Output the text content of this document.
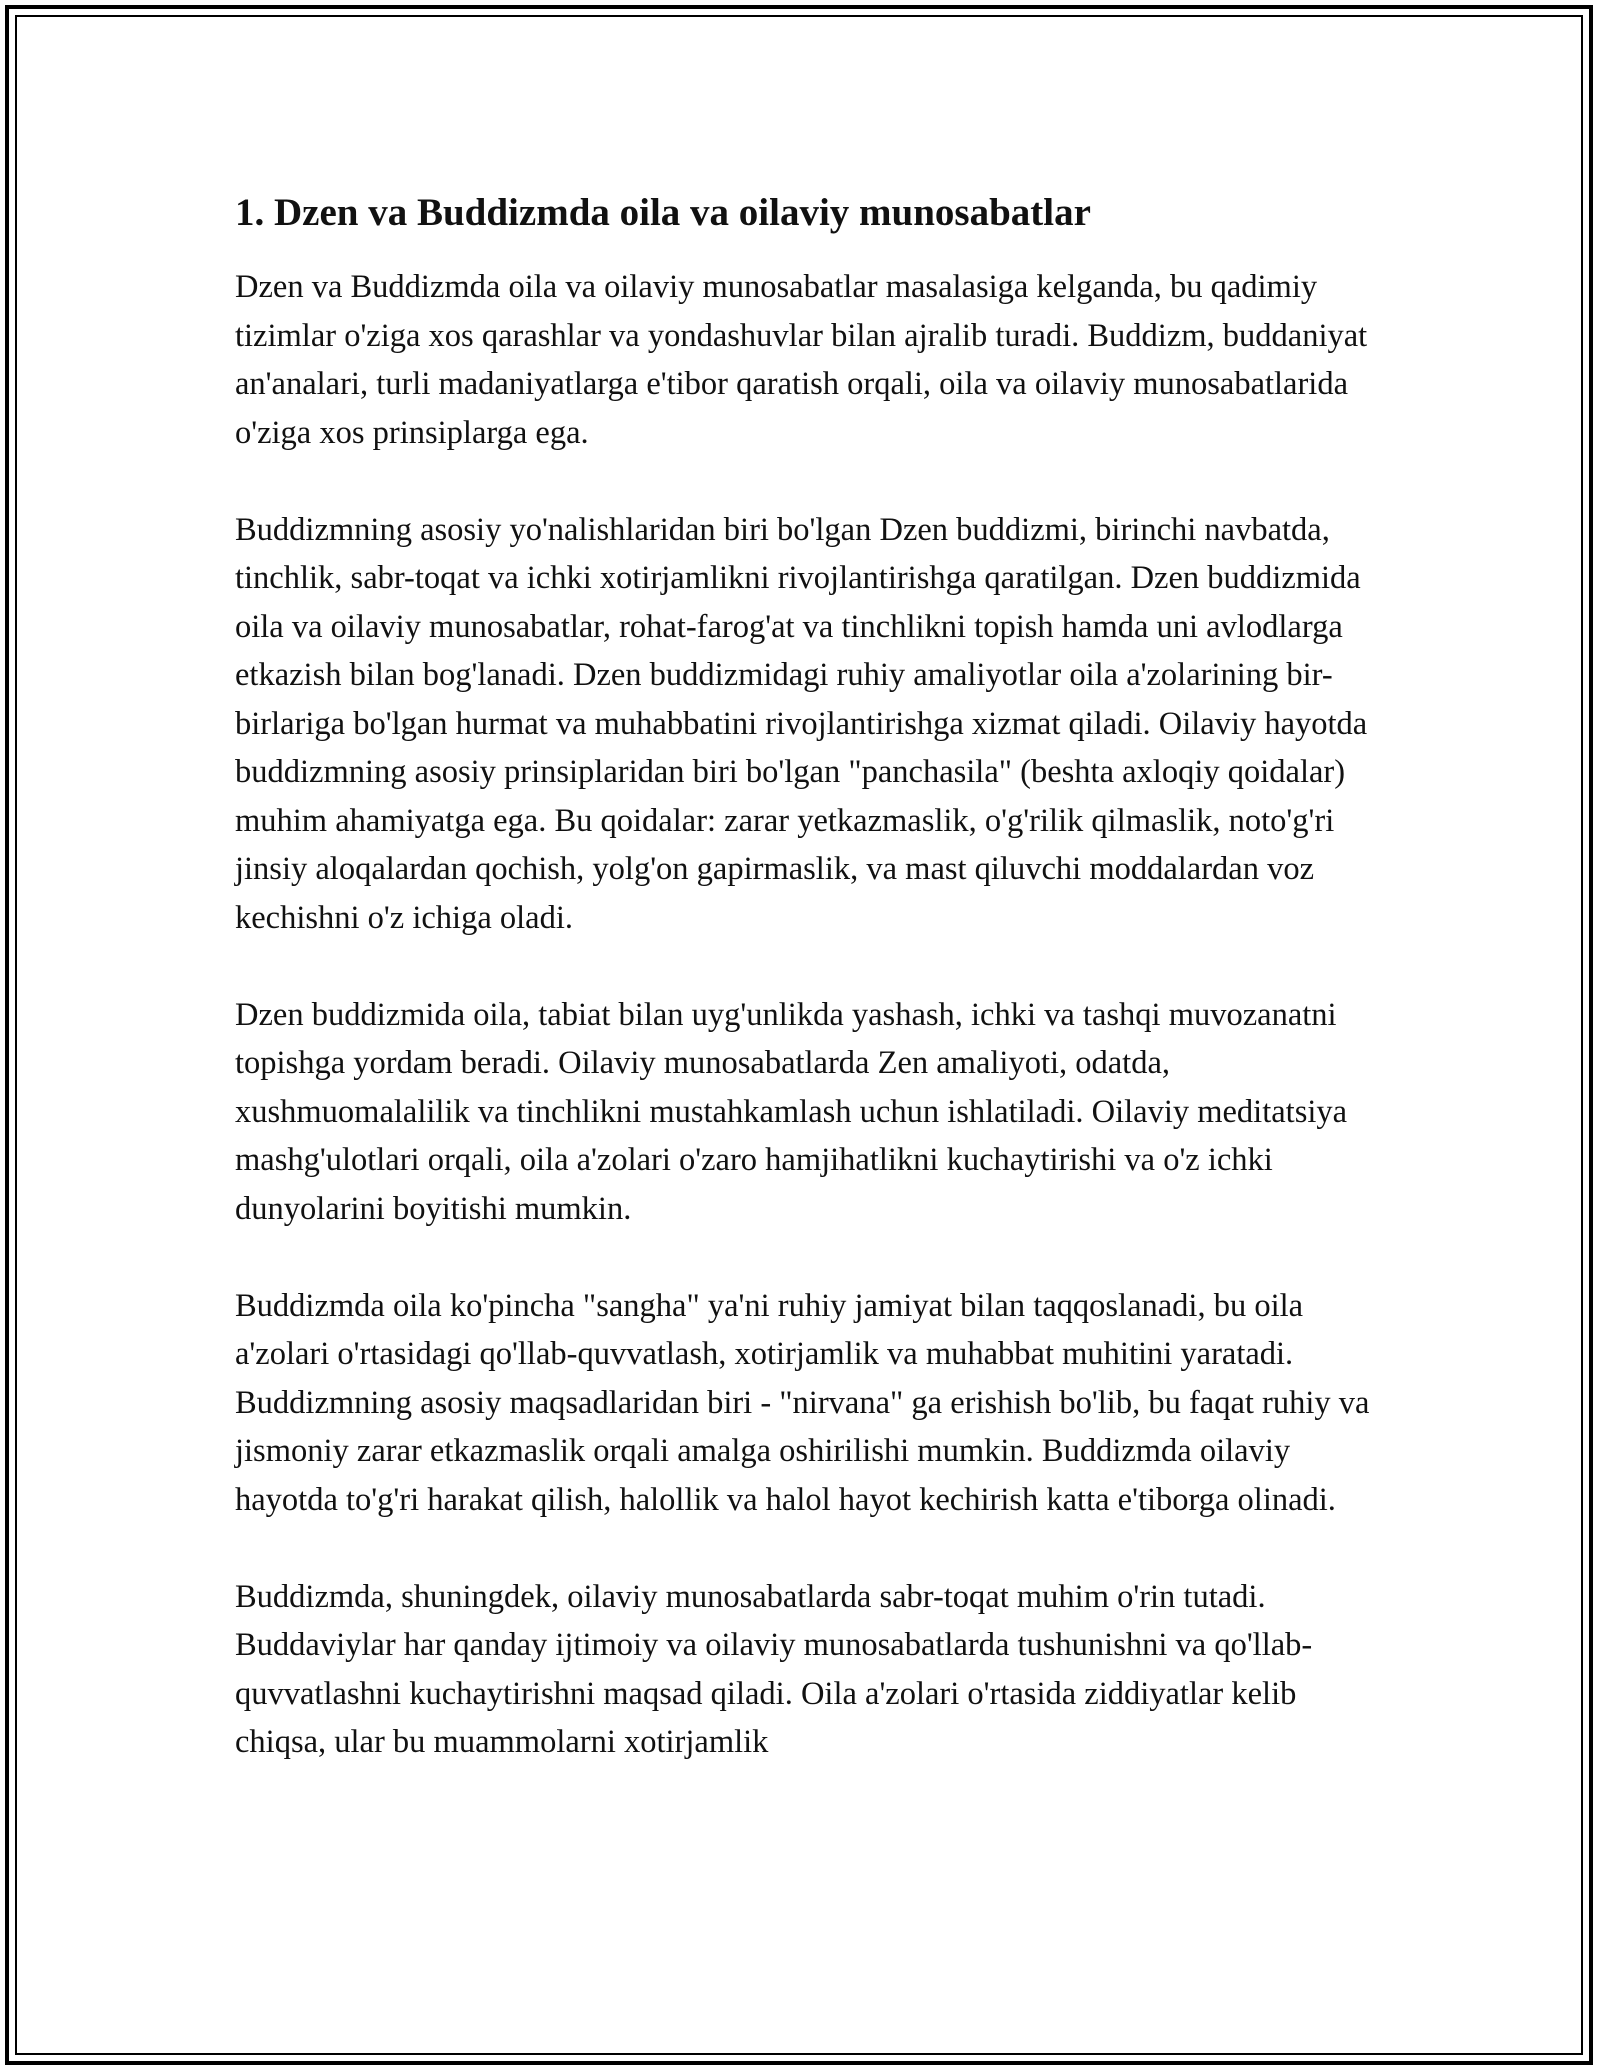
1. Dzen va Buddizmda oila va oilaviy munosabatlar

Dzen va Buddizmda oila va oilaviy munosabatlar masalasiga kelganda, bu qadimiy tizimlar o'ziga xos qarashlar va yondashuvlar bilan ajralib turadi. Buddizm, buddaniyat an'analari, turli madaniyatlarga e'tibor qaratish orqali, oila va oilaviy munosabatlarida o'ziga xos prinsiplarga ega.

Buddizmning asosiy yo'nalishlaridan biri bo'lgan Dzen buddizmi, birinchi navbatda, tinchlik, sabr-toqat va ichki xotirjamlikni rivojlantirishga qaratilgan. Dzen buddizmida oila va oilaviy munosabatlar, rohat-farog'at va tinchlikni topish hamda uni avlodlarga etkazish bilan bog'lanadi. Dzen buddizmidagi ruhiy amaliyotlar oila a'zolarining bir-birlariga bo'lgan hurmat va muhabbatini rivojlantirishga xizmat qiladi. Oilaviy hayotda buddizmning asosiy prinsiplaridan biri bo'lgan "panchasila" (beshta axloqiy qoidalar) muhim ahamiyatga ega. Bu qoidalar: zarar yetkazmaslik, o'g'rilik qilmaslik, noto'g'ri jinsiy aloqalardan qochish, yolg'on gapirmaslik, va mast qiluvchi moddalardan voz kechishni o'z ichiga oladi.

Dzen buddizmida oila, tabiat bilan uyg'unlikda yashash, ichki va tashqi muvozanatni topishga yordam beradi. Oilaviy munosabatlarda Zen amaliyoti, odatda, xushmuomalalilik va tinchlikni mustahkamlash uchun ishlatiladi. Oilaviy meditatsiya mashg'ulotlari orqali, oila a'zolari o'zaro hamjihatlikni kuchaytirishi va o'z ichki dunyolarini boyitishi mumkin.

Buddizmda oila ko'pincha "sangha" ya'ni ruhiy jamiyat bilan taqqoslanadi, bu oila a'zolari o'rtasidagi qo'llab-quvvatlash, xotirjamlik va muhabbat muhitini yaratadi. Buddizmning asosiy maqsadlaridan biri - "nirvana" ga erishish bo'lib, bu faqat ruhiy va jismoniy zarar etkazmaslik orqali amalga oshirilishi mumkin. Buddizmda oilaviy hayotda to'g'ri harakat qilish, halollik va halol hayot kechirish katta e'tiborga olinadi.

Buddizmda, shuningdek, oilaviy munosabatlarda sabr-toqat muhim o'rin tutadi. Buddaviylar har qanday ijtimoiy va oilaviy munosabatlarda tushunishni va qo'llab-quvvatlashni kuchaytirishni maqsad qiladi. Oila a'zolari o'rtasida ziddiyatlar kelib chiqsa, ular bu muammolarni xotirjamlik
